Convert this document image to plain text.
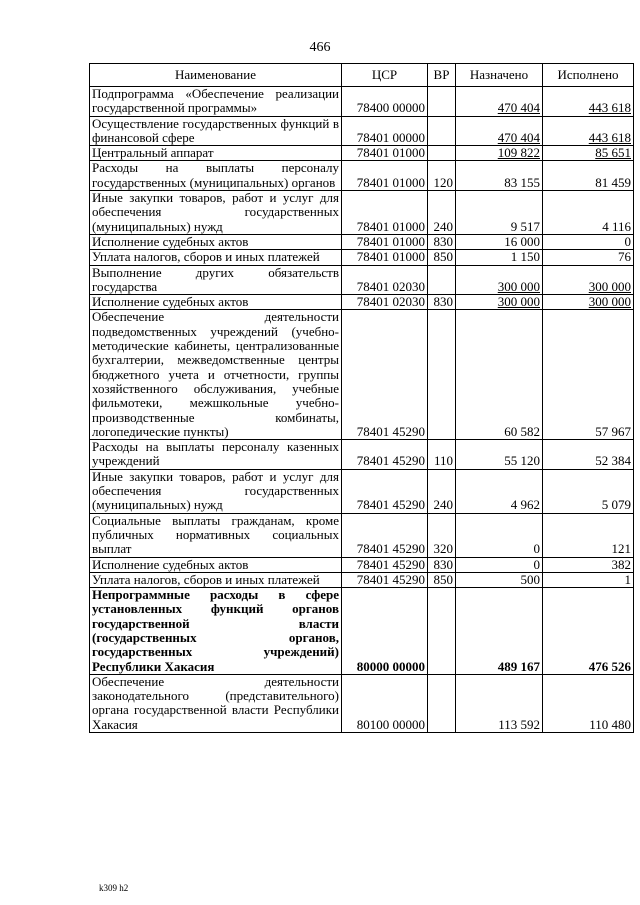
466
Наименование	ЦСР	ВР	Назначено	Исполнено
Подпрограмма «Обеспечение реализации государственной программы»	78400 00000		470 404	443 618
Осуществление государственных функций в финансовой сфере	78401 00000		470 404	443 618
Центральный аппарат	78401 01000		109 822	85 651
Расходы на выплаты персоналу государственных (муниципальных) органов	78401 01000	120	83 155	81 459
Иные закупки товаров, работ и услуг для обеспечения государственных (муниципальных) нужд	78401 01000	240	9 517	4 116
Исполнение судебных актов	78401 01000	830	16 000	0
Уплата налогов, сборов и иных платежей	78401 01000	850	1 150	76
Выполнение других обязательств государства	78401 02030		300 000	300 000
Исполнение судебных актов	78401 02030	830	300 000	300 000
Обеспечение деятельности подведомственных учреждений (учебно-методические кабинеты, централизованные бухгалтерии, межведомственные центры бюджетного учета и отчетности, группы хозяйственного обслуживания, учебные фильмотеки, межшкольные учебно-производственные комбинаты, логопедические пункты)	78401 45290		60 582	57 967
Расходы на выплаты персоналу казенных учреждений	78401 45290	110	55 120	52 384
Иные закупки товаров, работ и услуг для обеспечения государственных (муниципальных) нужд	78401 45290	240	4 962	5 079
Социальные выплаты гражданам, кроме публичных нормативных социальных выплат	78401 45290	320	0	121
Исполнение судебных актов	78401 45290	830	0	382
Уплата налогов, сборов и иных платежей	78401 45290	850	500	1
Непрограммные расходы в сфере установленных функций органов государственной власти (государственных органов, государственных учреждений) Республики Хакасия	80000 00000		489 167	476 526
Обеспечение деятельности законодательного (представительного) органа государственной власти Республики Хакасия	80100 00000		113 592	110 480
k309 h2
